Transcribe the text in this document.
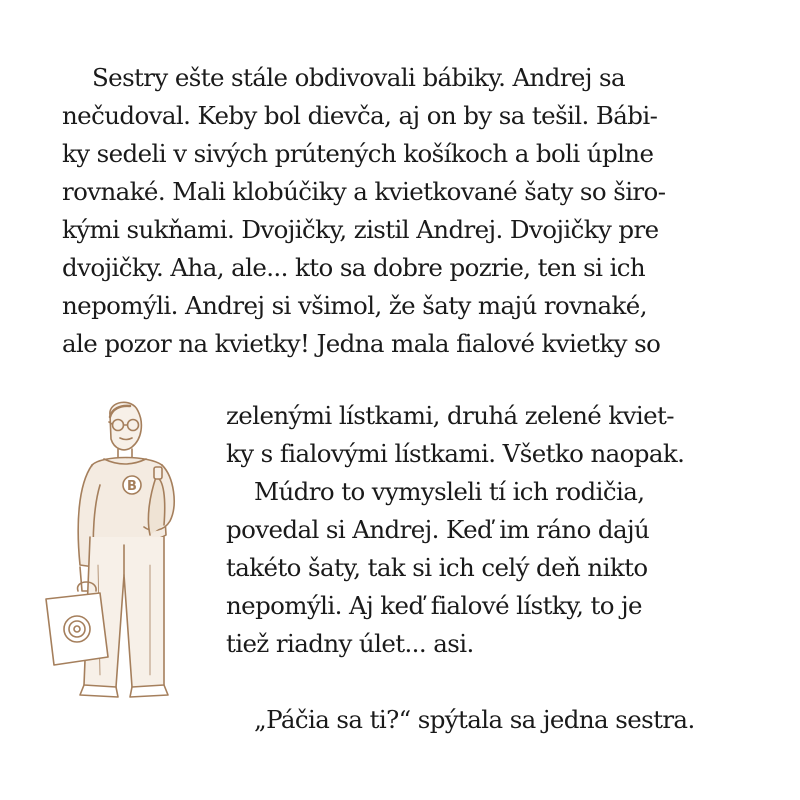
Sestry ešte stále obdivovali bábiky. Andrej sa
nečudoval. Keby bol dievča, aj on by sa tešil. Bábi-
ky sedeli v sivých prútených košíkoch a boli úplne
rovnaké. Mali klobúčiky a kvietkované šaty so širo-
kými sukňami. Dvojičky, zistil Andrej. Dvojičky pre
dvojičky. Aha, ale... kto sa dobre pozrie, ten si ich
nepomýli. Andrej si všimol, že šaty majú rovnaké,
ale pozor na kvietky! Jedna mala fialové kvietky so
zelenými lístkami, druhá zelené kviet-
ky s fialovými lístkami. Všetko naopak.
Múdro to vymysleli tí ich rodičia,
povedal si Andrej. Keď im ráno dajú
takéto šaty, tak si ich celý deň nikto
nepomýli. Aj keď fialové lístky, to je
tiež riadny úlet... asi.
„Páčia sa ti?“ spýtala sa jedna sestra.
B
